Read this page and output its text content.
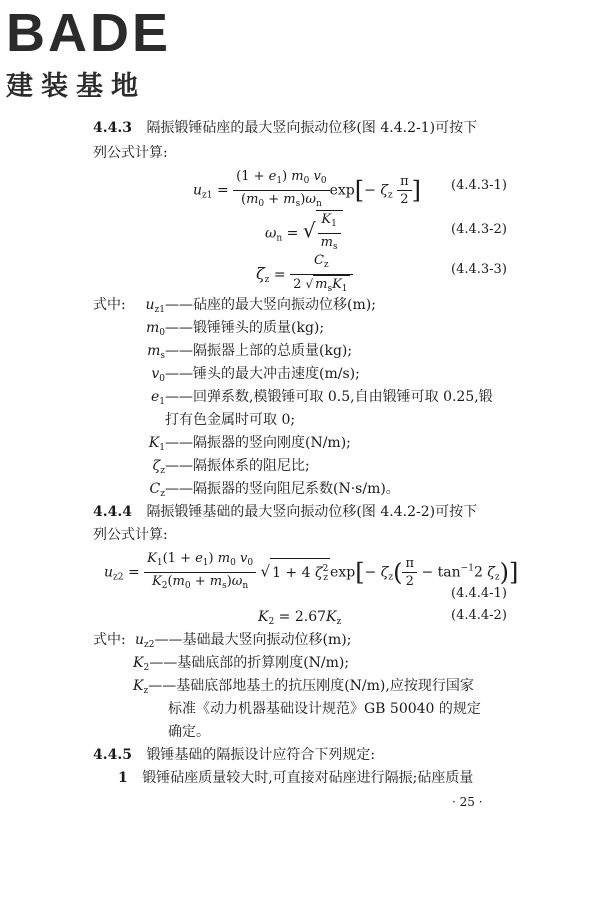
BADE
建装基地
4.4.3 隔振锻锤砧座的最大竖向振动位移(图 4.4.2-1)可按下
列公式计算:
$u_{z1} = \frac{(1 + e_1) m_0 v_0}{(m_0 + m_s)\omega_n} \exp[- \zeta_z \frac{\pi}{2}$ ] (4.4.3-1)
$\omega_n$ = √ $\frac{K_1}{m_s}$	(4.4.3-2)
$\zeta_z = \frac{C_z}{2 √ m_sK_1}$	(4.4.3-3)
式中:	$u_{z1}——$砧座的最大竖向振动位移(m);
$m_0——$锻锤锤头的质量(kg);
$m_s——$隔振器上部的总质量(kg);
$v_0——$锤头的最大冲击速度(m/s);
$e_1——$回弹系数,模锻锤可取 0.5,自由锻锤可取 0.25,锻
打有色金属时可取 0;
$K_1——$隔振器的竖向刚度(N/m);
$\zeta_z——$隔振体系的阻尼比;
$C_z——$隔振器的竖向阻尼系数(N·s/m)。
4.4.4 隔振锻锤基础的最大竖向振动位移(图 4.4.2-2)可按下
列公式计算:
$u_{z2} = \frac{K_1(1 + e_1) m_0 v_0}{K_2(m_0 + m_s)\omega_n}$ √ 1 + 4 $\zeta^2_z$ $\exp[- \zeta_z( \frac{\pi}{2} - \tan^{-1}2$ $\zeta_z$)]
(4.4.4-1)
$K_2 = 2.67K_z$	(4.4.4-2)
式中: $u_{z2}——$基础最大竖向振动位移(m);
$K_2——$基础底部的折算刚度(N/m);
$K_z——$基础底部地基土的抗压刚度(N/m),应按现行国家
标准《动力机器基础设计规范》GB 50040 的规定
确定。
4.4.5 锻锤基础的隔振设计应符合下列规定:
1 锻锤砧座质量较大时,可直接对砧座进行隔振;砧座质量
· 25 ·
